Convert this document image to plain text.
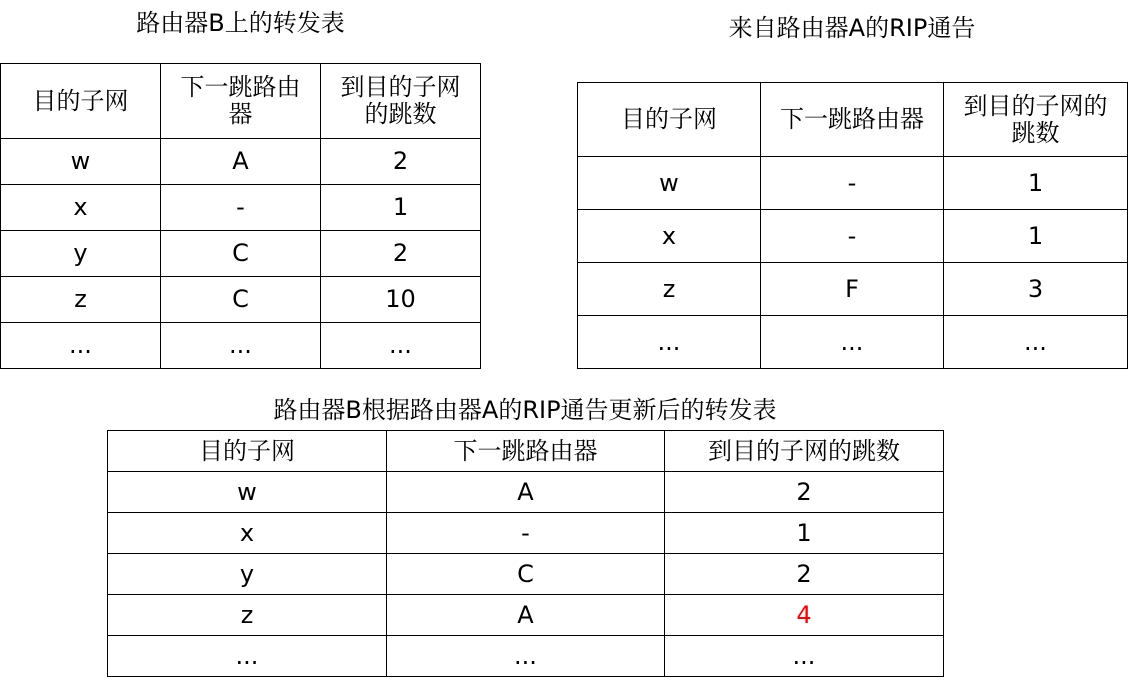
路由器B上的转发表
目的子网	下一跳路由器	到目的子网的跳数
w	A	2
x	-	1
y	C	2
z	C	10
...	...	...
来自路由器A的RIP通告
目的子网	下一跳路由器	到目的子网的跳数
w	-	1
x	-	1
z	F	3
...	...	...
路由器B根据路由器A的RIP通告更新后的转发表
目的子网	下一跳路由器	到目的子网的跳数
w	A	2
x	-	1
y	C	2
z	A	4
...	...	...
